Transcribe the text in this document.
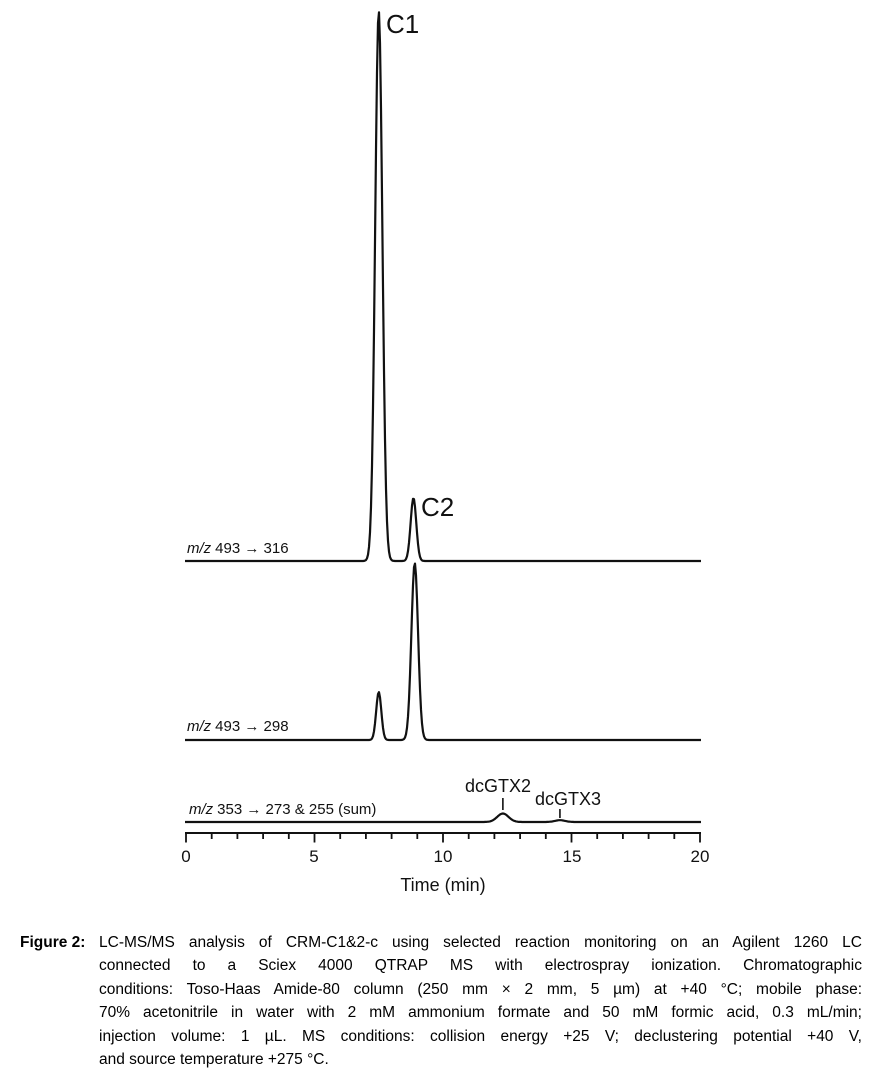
C1
C2
dcGTX2
dcGTX3
m/z 493 → 316
m/z 493 → 298
m/z 353 → 273 & 255 (sum)
0	5	10	15	20
Time (min)
Figure 2: LC-MS/MS analysis of CRM-C1&2-c using selected reaction monitoring on an Agilent 1260 LC
connected to a Sciex 4000 QTRAP MS with electrospray ionization. Chromatographic
conditions: Toso-Haas Amide-80 column (250 mm × 2 mm, 5 µm) at +40 °C; mobile phase:
70% acetonitrile in water with 2 mM ammonium formate and 50 mM formic acid, 0.3 mL/min;
injection volume: 1 µL. MS conditions: collision energy +25 V; declustering potential +40 V,
and source temperature +275 °C.
